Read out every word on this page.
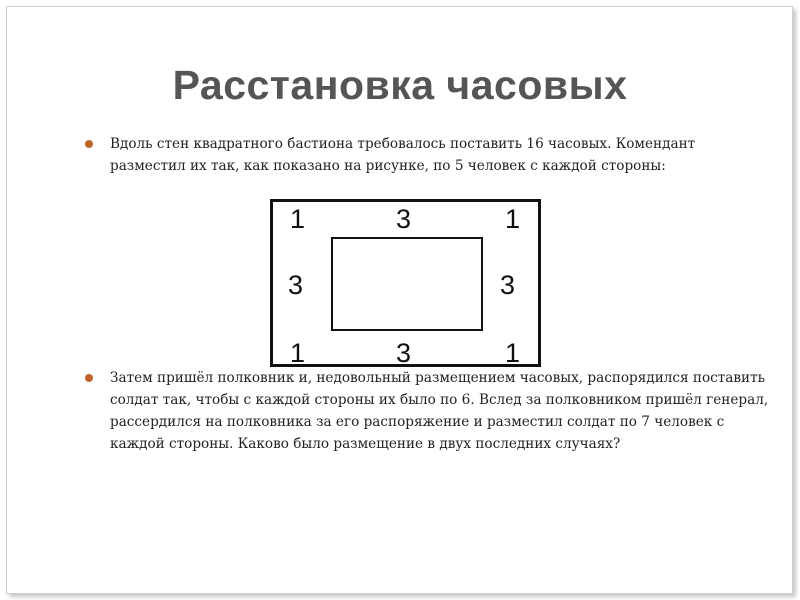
Расстановка часовых
Вдоль стен квадратного бастиона требовалось поставить 16 часовых. Комендант разместил их так, как показано на рисунке, по 5 человек с каждой стороны:
1	3	1
3	3
1	3	1
Затем пришёл полковник и, недовольный размещением часовых, распорядился поставить солдат так, чтобы с каждой стороны их было по 6. Вслед за полковником пришёл генерал, рассердился на полковника за его распоряжение и разместил солдат по 7 человек с каждой стороны. Каково было размещение в двух последних случаях?
